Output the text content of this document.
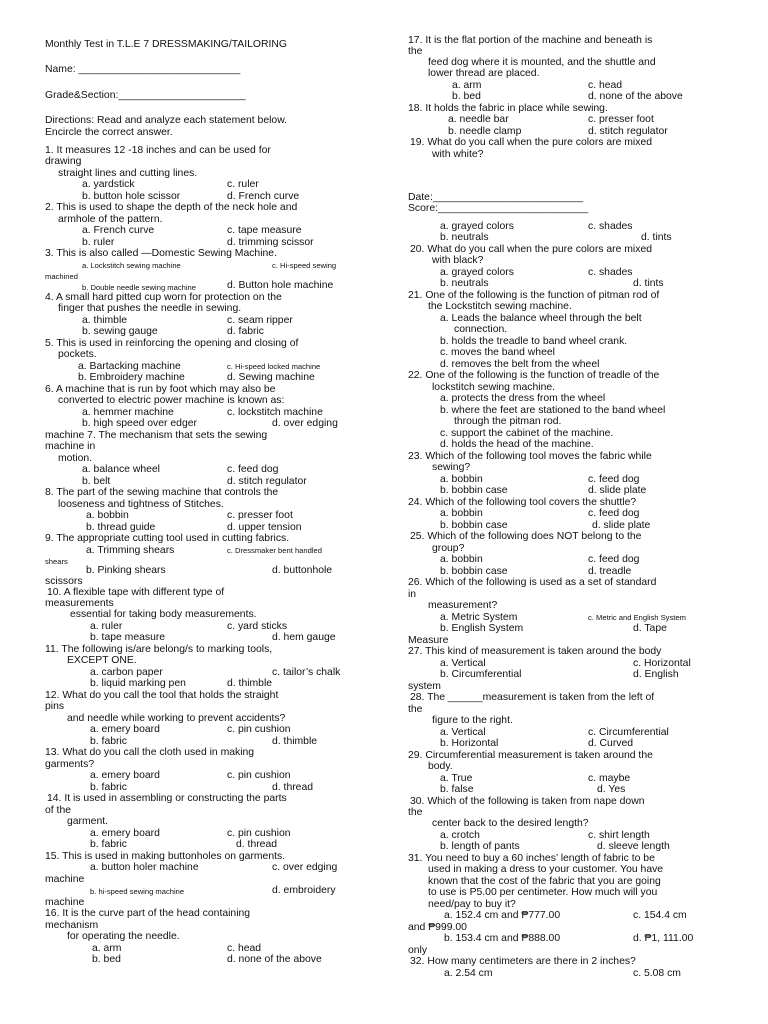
Monthly Test in T.L.E 7 DRESSMAKING/TAILORING
Name: ____________________________
Grade&Section:______________________
Directions: Read and analyze each statement below.
Encircle the correct answer.
1. It measures 12 -18 inches and can be used for
drawing
straight lines and cutting lines.
a. yardstick	c. ruler
b. button hole scissor	d. French curve
2. This is used to shape the depth of the neck hole and
armhole of the pattern.
a. French curve	c. tape measure
b. ruler	d. trimming scissor
3. This is also called ―Domestic Sewing Machine.
a. Lockstitch sewing machine	c. Hi-speed sewing
machined
b. Double needle sewing machine	d. Button hole machine
4. A small hard pitted cup worn for protection on the
finger that pushes the needle in sewing.
a. thimble	c. seam ripper
b. sewing gauge	d. fabric
5. This is used in reinforcing the opening and closing of
pockets.
a. Bartacking machine	c. Hi-speed locked machine
b. Embroidery machine	d. Sewing machine
6. A machine that is run by foot which may also be
converted to electric power machine is known as:
a. hemmer machine	c. lockstitch machine
b. high speed over edger	d. over edging
machine 7. The mechanism that sets the sewing
machine in
motion.
a. balance wheel	c. feed dog
b. belt	d. stitch regulator
8. The part of the sewing machine that controls the
looseness and tightness of Stitches.
a. bobbin	c. presser foot
b. thread guide	d. upper tension
9. The appropriate cutting tool used in cutting fabrics.
a. Trimming shears	c. Dressmaker bent handled
shears
b. Pinking shears	d. buttonhole
scissors
10. A flexible tape with different type of
measurements
essential for taking body measurements.
a. ruler	c. yard sticks
b. tape measure	d. hem gauge
11. The following is/are belong/s to marking tools,
EXCEPT ONE.
a. carbon paper	c. tailor’s chalk
b. liquid marking pen	d. thimble
12. What do you call the tool that holds the straight
pins
and needle while working to prevent accidents?
a. emery board	c. pin cushion
b. fabric	d. thimble
13. What do you call the cloth used in making
garments?
a. emery board	c. pin cushion
b. fabric	d. thread
14. It is used in assembling or constructing the parts
of the
garment.
a. emery board	c. pin cushion
b. fabric	d. thread
15. This is used in making buttonholes on garments.
a. button holer machine	c. over edging
machine
b. hi-speed sewing machine	d. embroidery
machine
16. It is the curve part of the head containing
mechanism
for operating the needle.
a. arm	c. head
b. bed	d. none of the above
17. It is the flat portion of the machine and beneath is
the
feed dog where it is mounted, and the shuttle and
lower thread are placed.
a. arm	c. head
b. bed	d. none of the above
18. It holds the fabric in place while sewing.
a. needle bar	c. presser foot
b. needle clamp	d. stitch regulator
19. What do you call when the pure colors are mixed
with white?
a. grayed colors	c. shades
b. neutrals	d. tints
20. What do you call when the pure colors are mixed
with black?
a. grayed colors	c. shades
b. neutrals	d. tints
21. One of the following is the function of pitman rod of
the Lockstitch sewing machine.
a. Leads the balance wheel through the belt
connection.
b. holds the treadle to band wheel crank.
c. moves the band wheel
d. removes the belt from the wheel
22. One of the following is the function of treadle of the
lockstitch sewing machine.
a. protects the dress from the wheel
b. where the feet are stationed to the band wheel
through the pitman rod.
c. support the cabinet of the machine.
d. holds the head of the machine.
23. Which of the following tool moves the fabric while
sewing?
a. bobbin	c. feed dog
b. bobbin case	d. slide plate
24. Which of the following tool covers the shuttle?
a. bobbin	c. feed dog
b. bobbin case	d. slide plate
25. Which of the following does NOT belong to the
group?
a. bobbin	c. feed dog
b. bobbin case	d. treadle
26. Which of the following is used as a set of standard
in
measurement?
a. Metric System	c. Metric and English System
b. English System	d. Tape
Measure
27. This kind of measurement is taken around the body
a. Vertical	c. Horizontal
b. Circumferential	d. English
system
28. The ______measurement is taken from the left of
the
figure to the right.
a. Vertical	c. Circumferential
b. Horizontal	d. Curved
29. Circumferential measurement is taken around the
body.
a. True	c. maybe
b. false	d. Yes
30. Which of the following is taken from nape down
the
center back to the desired length?
a. crotch	c. shirt length
b. length of pants	d. sleeve length
31. You need to buy a 60 inches’ length of fabric to be
used in making a dress to your customer. You have
known that the cost of the fabric that you are going
to use is P5.00 per centimeter. How much will you
need/pay to buy it?
a. 152.4 cm and ₱777.00	c. 154.4 cm
and ₱999.00
b. 153.4 cm and ₱888.00	d. ₱1, 111.00
only
32. How many centimeters are there in 2 inches?
a. 2.54 cm	c. 5.08 cm
Date:__________________________
Score:__________________________
